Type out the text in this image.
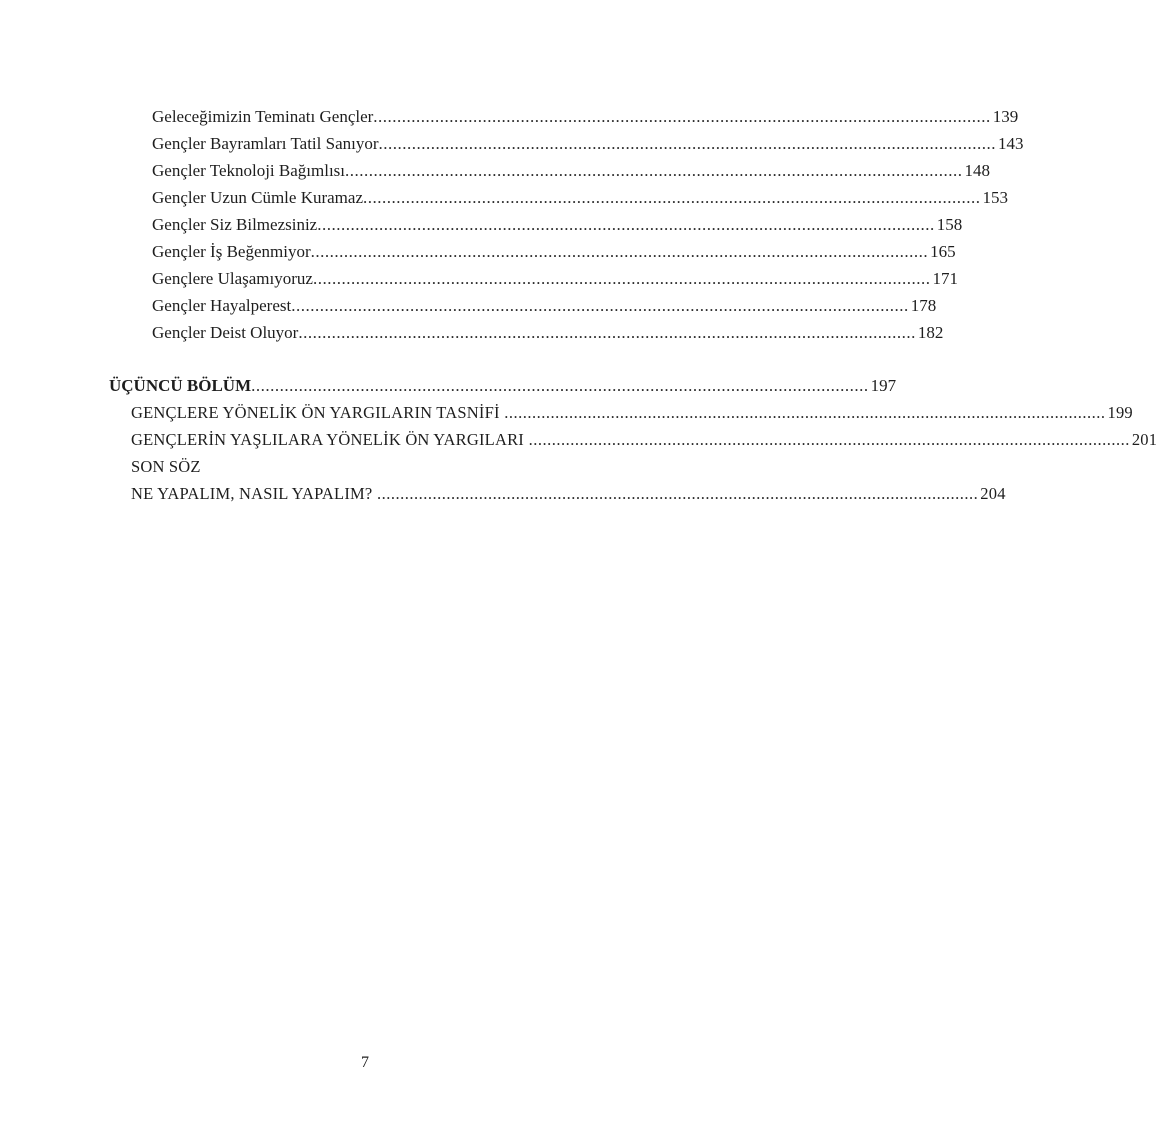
Geleceğimizin Teminatı Gençler .................................................................................................................................. 139
Gençler Bayramları Tatil Sanıyor .................................................................................................................................. 143
Gençler Teknoloji Bağımlısı .................................................................................................................................. 148
Gençler Uzun Cümle Kuramaz .................................................................................................................................. 153
Gençler Siz Bilmezsiniz .................................................................................................................................. 158
Gençler İş Beğenmiyor .................................................................................................................................. 165
Gençlere Ulaşamıyoruz .................................................................................................................................. 171
Gençler Hayalperest .................................................................................................................................. 178
Gençler Deist Oluyor .................................................................................................................................. 182
ÜÇÜNCÜ BÖLÜM .................................................................................................................................. 197
GENÇLERE YÖNELİK ÖN YARGILARIN TASNİFİ .................................................................................................................................. 199
GENÇLERİN YAŞLILARA YÖNELİK ÖN YARGILARI .................................................................................................................................. 201
SON SÖZ
NE YAPALIM, NASIL YAPALIM? .................................................................................................................................. 204
7
